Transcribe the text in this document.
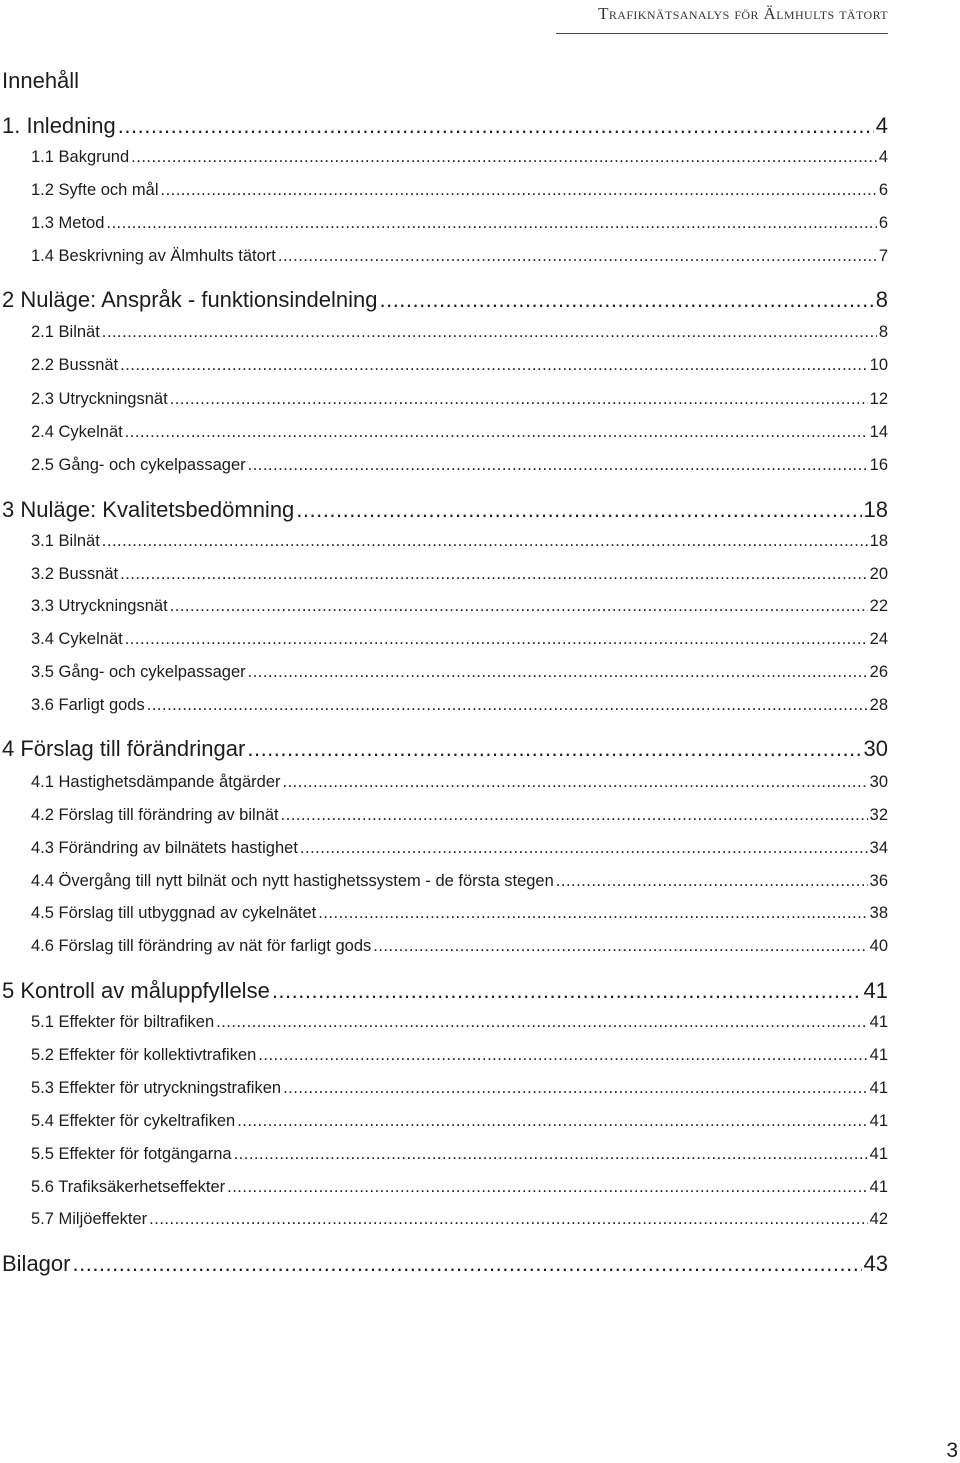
Trafiknätsanalys för Älmhults tätort
Innehåll
1. Inledning .....	4
1.1 Bakgrund .....	4
1.2 Syfte och mål .....	6
1.3 Metod .....	6
1.4 Beskrivning av Älmhults tätort .....	7
2 Nuläge: Anspråk - funktionsindelning .....	8
2.1 Bilnät .....	8
2.2 Bussnät .....	10
2.3 Utryckningsnät .....	12
2.4 Cykelnät .....	14
2.5 Gång- och cykelpassager .....	16
3 Nuläge: Kvalitetsbedömning .....	18
3.1 Bilnät .....	18
3.2 Bussnät .....	20
3.3 Utryckningsnät .....	22
3.4 Cykelnät .....	24
3.5 Gång- och cykelpassager .....	26
3.6 Farligt gods .....	28
4 Förslag till förändringar .....	30
4.1 Hastighetsdämpande åtgärder .....	30
4.2 Förslag till förändring av bilnät .....	32
4.3 Förändring av bilnätets hastighet .....	34
4.4 Övergång till nytt bilnät och nytt hastighetssystem - de första stegen .....	36
4.5 Förslag till utbyggnad av cykelnätet .....	38
4.6 Förslag till förändring av nät för farligt gods .....	40
5 Kontroll av måluppfyllelse .....	41
5.1 Effekter för biltrafiken .....	41
5.2 Effekter för kollektivtrafiken .....	41
5.3 Effekter för utryckningstrafiken .....	41
5.4 Effekter för cykeltrafiken .....	41
5.5 Effekter för fotgängarna .....	41
5.6 Trafiksäkerhetseffekter .....	41
5.7 Miljöeffekter .....	42
Bilagor .....	43
3
